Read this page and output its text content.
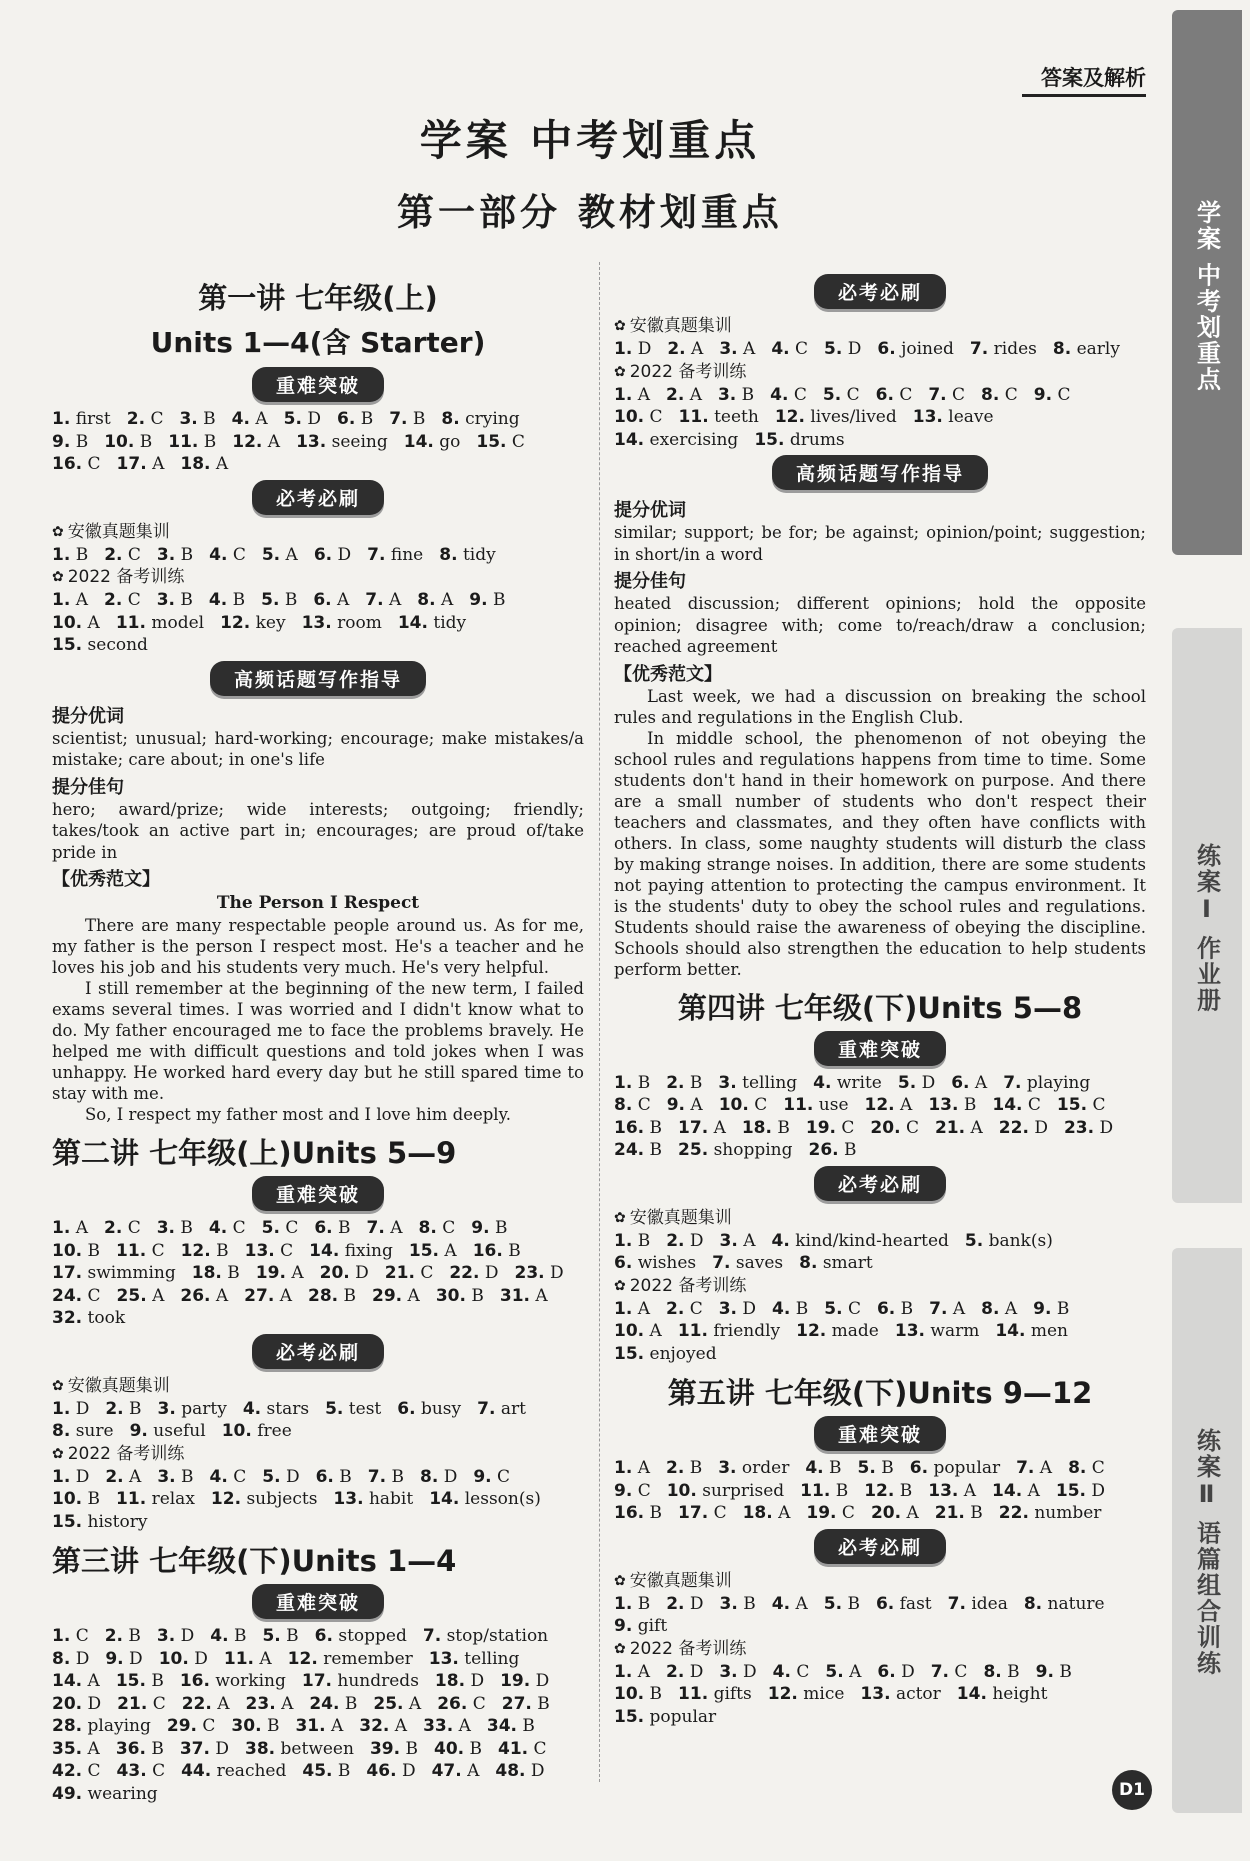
答案及解析
学案 中考划重点
第一部分 教材划重点	学案 中考划重点
练案Ⅰ 作业册
练案Ⅱ 语篇组合训练
第一讲 七年级(上)
Units 1—4(含 Starter)
重难突破
1. first 2. C 3. B 4. A 5. D 6. B 7. B 8. crying9. B 10. B 11. B 12. A 13. seeing 14. go 15. C16. C 17. A 18. A
必考必刷
✿ 安徽真题集训
1. B 2. C 3. B 4. C 5. A 6. D 7. fine 8. tidy
✿ 2022 备考训练
1. A 2. C 3. B 4. B 5. B 6. A 7. A 8. A 9. B10. A 11. model 12. key 13. room 14. tidy15. second
高频话题写作指导
提分优词
scientist; unusual; hard-working; encourage; make mistakes/a mistake; care about; in one's life
提分佳句
hero; award/prize; wide interests; outgoing; friendly; takes/took an active part in; encourages; are proud of/take pride in
【优秀范文】
The Person I Respect
There are many respectable people around us. As for me, my father is the person I respect most. He's a teacher and he loves his job and his students very much. He's very helpful.
I still remember at the beginning of the new term, I failed exams several times. I was worried and I didn't know what to do. My father encouraged me to face the problems bravely. He helped me with difficult questions and told jokes when I was unhappy. He worked hard every day but he still spared time to stay with me.
So, I respect my father most and I love him deeply.
第二讲 七年级(上)Units 5—9
重难突破
1. A 2. C 3. B 4. C 5. C 6. B 7. A 8. C 9. B10. B 11. C 12. B 13. C 14. fixing 15. A 16. B17. swimming 18. B 19. A 20. D 21. C 22. D 23. D24. C 25. A 26. A 27. A 28. B 29. A 30. B 31. A32. took
必考必刷
✿ 安徽真题集训
1. D 2. B 3. party 4. stars 5. test 6. busy 7. art8. sure 9. useful 10. free
✿ 2022 备考训练
1. D 2. A 3. B 4. C 5. D 6. B 7. B 8. D 9. C10. B 11. relax 12. subjects 13. habit 14. lesson(s)15. history
第三讲 七年级(下)Units 1—4
重难突破
1. C 2. B 3. D 4. B 5. B 6. stopped 7. stop/station8. D 9. D 10. D 11. A 12. remember 13. telling14. A 15. B 16. working 17. hundreds 18. D 19. D20. D 21. C 22. A 23. A 24. B 25. A 26. C 27. B28. playing 29. C 30. B 31. A 32. A 33. A 34. B35. A 36. B 37. D 38. between 39. B 40. B 41. C42. C 43. C 44. reached 45. B 46. D 47. A 48. D49. wearing
必考必刷
✿ 安徽真题集训
1. D 2. A 3. A 4. C 5. D 6. joined 7. rides 8. early
✿ 2022 备考训练
1. A 2. A 3. B 4. C 5. C 6. C 7. C 8. C 9. C10. C 11. teeth 12. lives/lived 13. leave14. exercising 15. drums
高频话题写作指导
提分优词
similar; support; be for; be against; opinion/point; suggestion; in short/in a word
提分佳句
heated discussion; different opinions; hold the opposite opinion; disagree with; come to/reach/draw a conclusion; reached agreement
【优秀范文】
Last week, we had a discussion on breaking the school rules and regulations in the English Club.
In middle school, the phenomenon of not obeying the school rules and regulations happens from time to time. Some students don't hand in their homework on purpose. And there are a small number of students who don't respect their teachers and classmates, and they often have conflicts with others. In class, some naughty students will disturb the class by making strange noises. In addition, there are some students not paying attention to protecting the campus environment. It is the students' duty to obey the school rules and regulations. Students should raise the awareness of obeying the discipline. Schools should also strengthen the education to help students perform better.
第四讲 七年级(下)Units 5—8
重难突破
1. B 2. B 3. telling 4. write 5. D 6. A 7. playing8. C 9. A 10. C 11. use 12. A 13. B 14. C 15. C16. B 17. A 18. B 19. C 20. C 21. A 22. D 23. D24. B 25. shopping 26. B
必考必刷
✿ 安徽真题集训
1. B 2. D 3. A 4. kind/kind-hearted 5. bank(s)6. wishes 7. saves 8. smart
✿ 2022 备考训练
1. A 2. C 3. D 4. B 5. C 6. B 7. A 8. A 9. B10. A 11. friendly 12. made 13. warm 14. men15. enjoyed
第五讲 七年级(下)Units 9—12
重难突破
1. A 2. B 3. order 4. B 5. B 6. popular 7. A 8. C9. C 10. surprised 11. B 12. B 13. A 14. A 15. D16. B 17. C 18. A 19. C 20. A 21. B 22. number
必考必刷
✿ 安徽真题集训
1. B 2. D 3. B 4. A 5. B 6. fast 7. idea 8. nature9. gift
✿ 2022 备考训练
1. A 2. D 3. D 4. C 5. A 6. D 7. C 8. B 9. B10. B 11. gifts 12. mice 13. actor 14. height15. popular
D1
